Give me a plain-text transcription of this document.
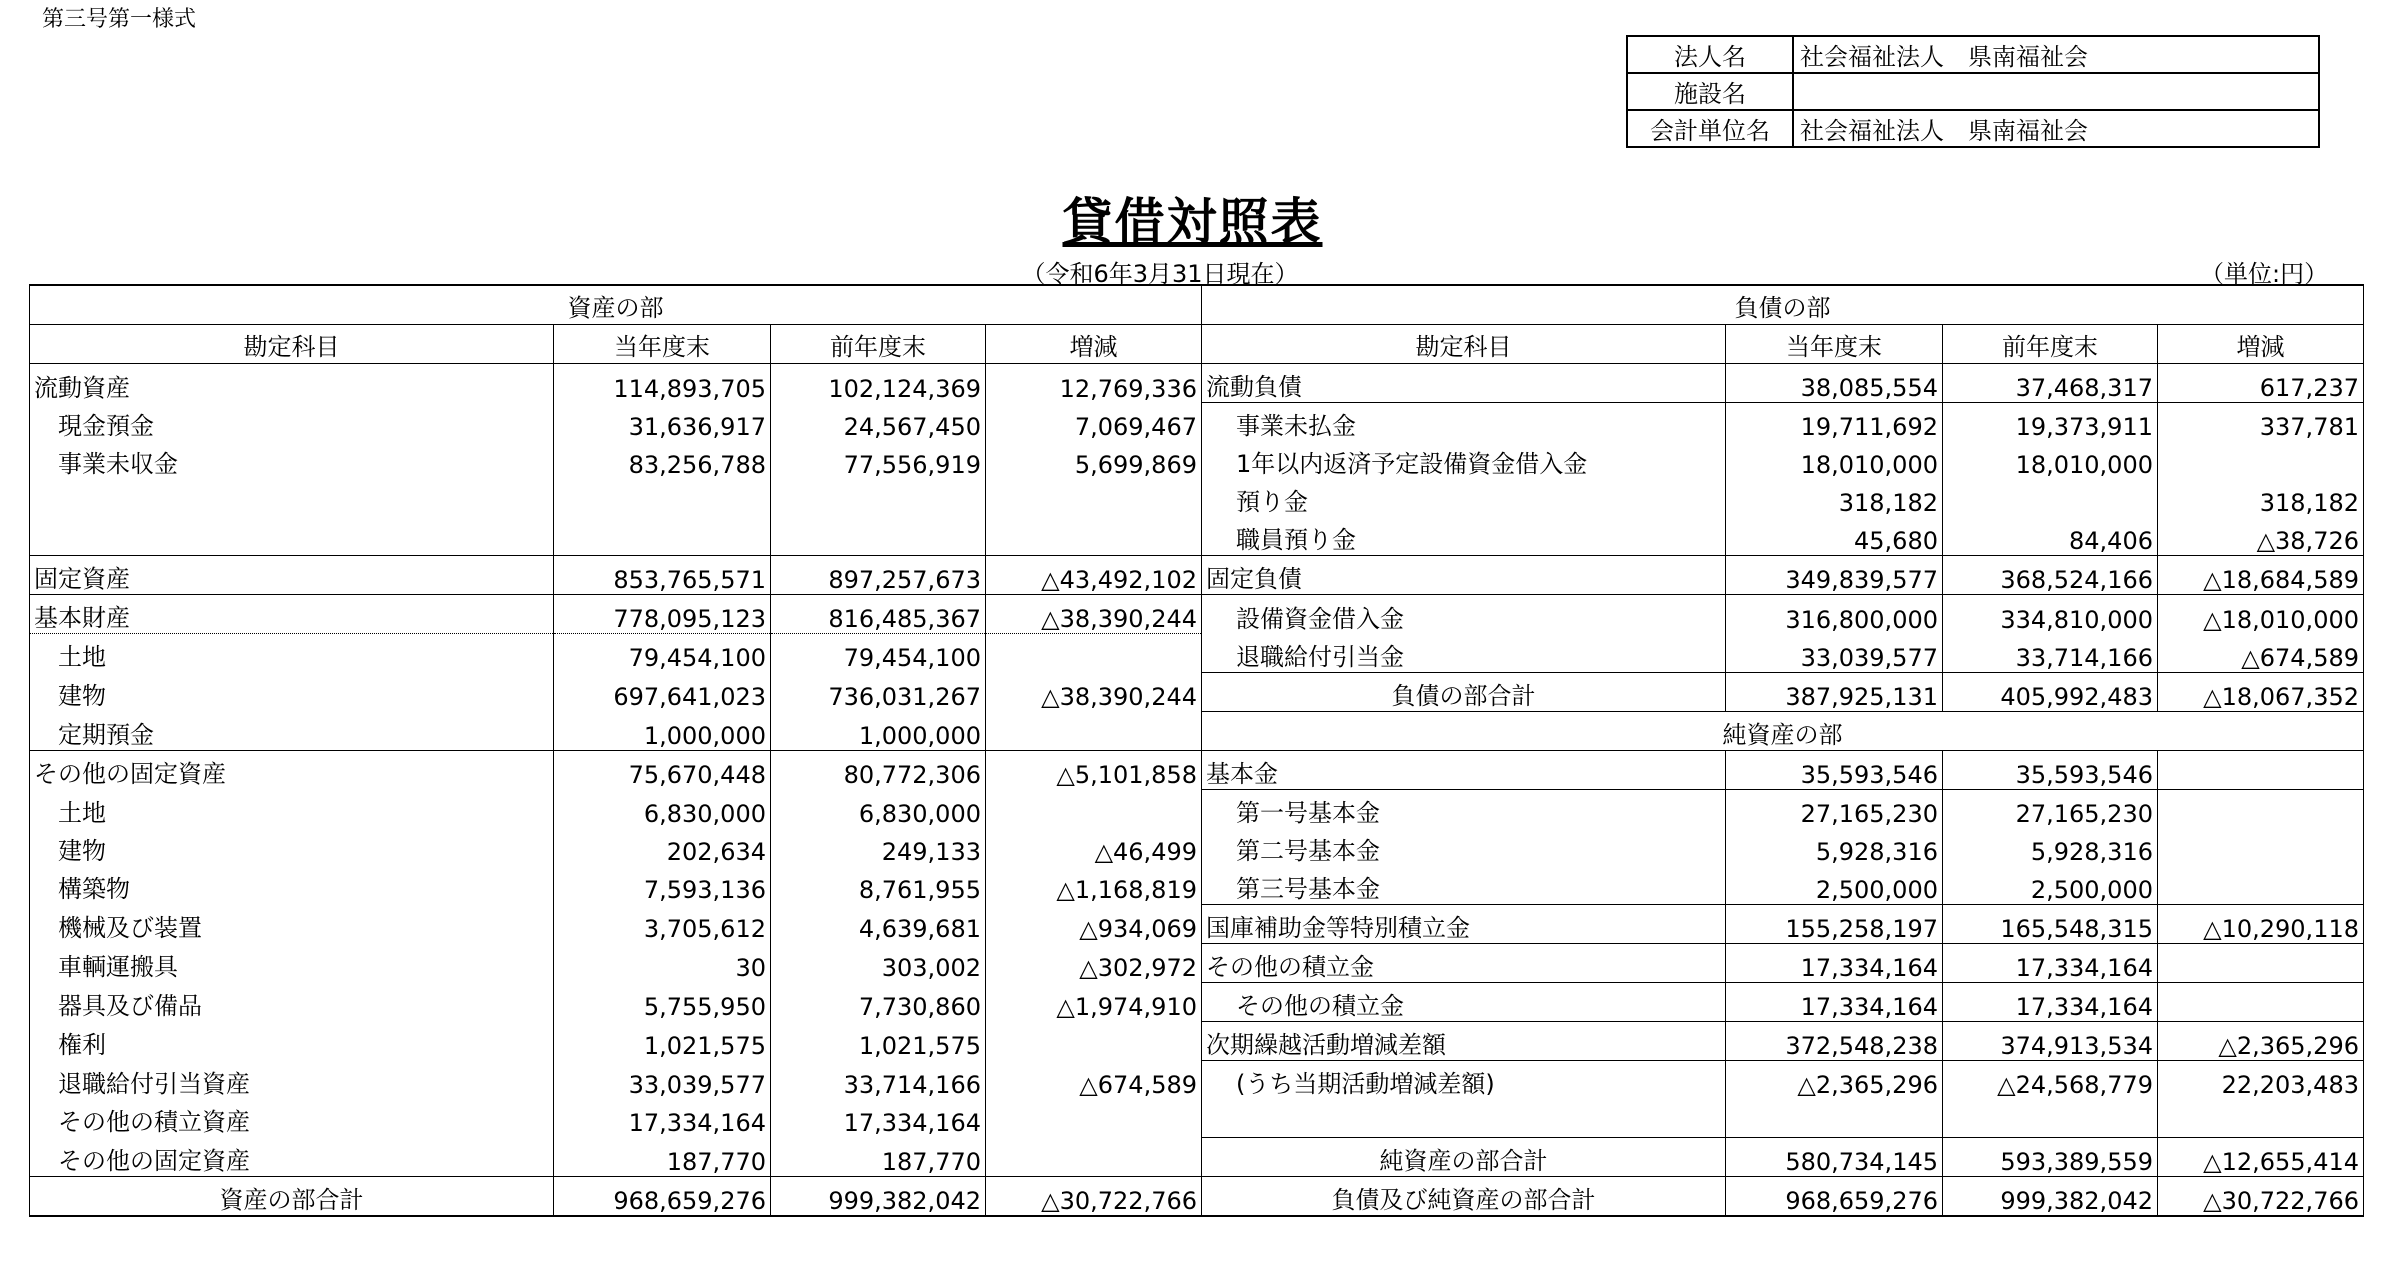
第三号第一様式
法人名	社会福祉法人　県南福祉会
施設名	
会計単位名	社会福祉法人　県南福祉会
貸借対照表
（令和6年3月31日現在）	（単位:円）
資産の部				負債の部			
勘定科目	当年度末	前年度末	増減	勘定科目	当年度末	前年度末	増減
流動資産	114,893,705	102,124,369	12,769,336	流動負債	38,085,554	37,468,317	617,237
現金預金	31,636,917	24,567,450	7,069,467	事業未払金	19,711,692	19,373,911	337,781
事業未収金	83,256,788	77,556,919	5,699,869	1年以内返済予定設備資金借入金	18,010,000	18,010,000	
				預り金	318,182		318,182
				職員預り金	45,680	84,406	△38,726
固定資産	853,765,571	897,257,673	△43,492,102	固定負債	349,839,577	368,524,166	△18,684,589
基本財産	778,095,123	816,485,367	△38,390,244	設備資金借入金	316,800,000	334,810,000	△18,010,000
土地	79,454,100	79,454,100		退職給付引当金	33,039,577	33,714,166	△674,589
建物	697,641,023	736,031,267	△38,390,244	負債の部合計	387,925,131	405,992,483	△18,067,352
定期預金	1,000,000	1,000,000		純資産の部			
その他の固定資産	75,670,448	80,772,306	△5,101,858	基本金	35,593,546	35,593,546	
土地	6,830,000	6,830,000		第一号基本金	27,165,230	27,165,230	
建物	202,634	249,133	△46,499	第二号基本金	5,928,316	5,928,316	
構築物	7,593,136	8,761,955	△1,168,819	第三号基本金	2,500,000	2,500,000	
機械及び装置	3,705,612	4,639,681	△934,069	国庫補助金等特別積立金	155,258,197	165,548,315	△10,290,118
車輌運搬具	30	303,002	△302,972	その他の積立金	17,334,164	17,334,164	
器具及び備品	5,755,950	7,730,860	△1,974,910	その他の積立金	17,334,164	17,334,164	
権利	1,021,575	1,021,575		次期繰越活動増減差額	372,548,238	374,913,534	△2,365,296
退職給付引当資産	33,039,577	33,714,166	△674,589	(うち当期活動増減差額)	△2,365,296	△24,568,779	22,203,483
その他の積立資産	17,334,164	17,334,164					
その他の固定資産	187,770	187,770		純資産の部合計	580,734,145	593,389,559	△12,655,414
資産の部合計	968,659,276	999,382,042	△30,722,766	負債及び純資産の部合計	968,659,276	999,382,042	△30,722,766
